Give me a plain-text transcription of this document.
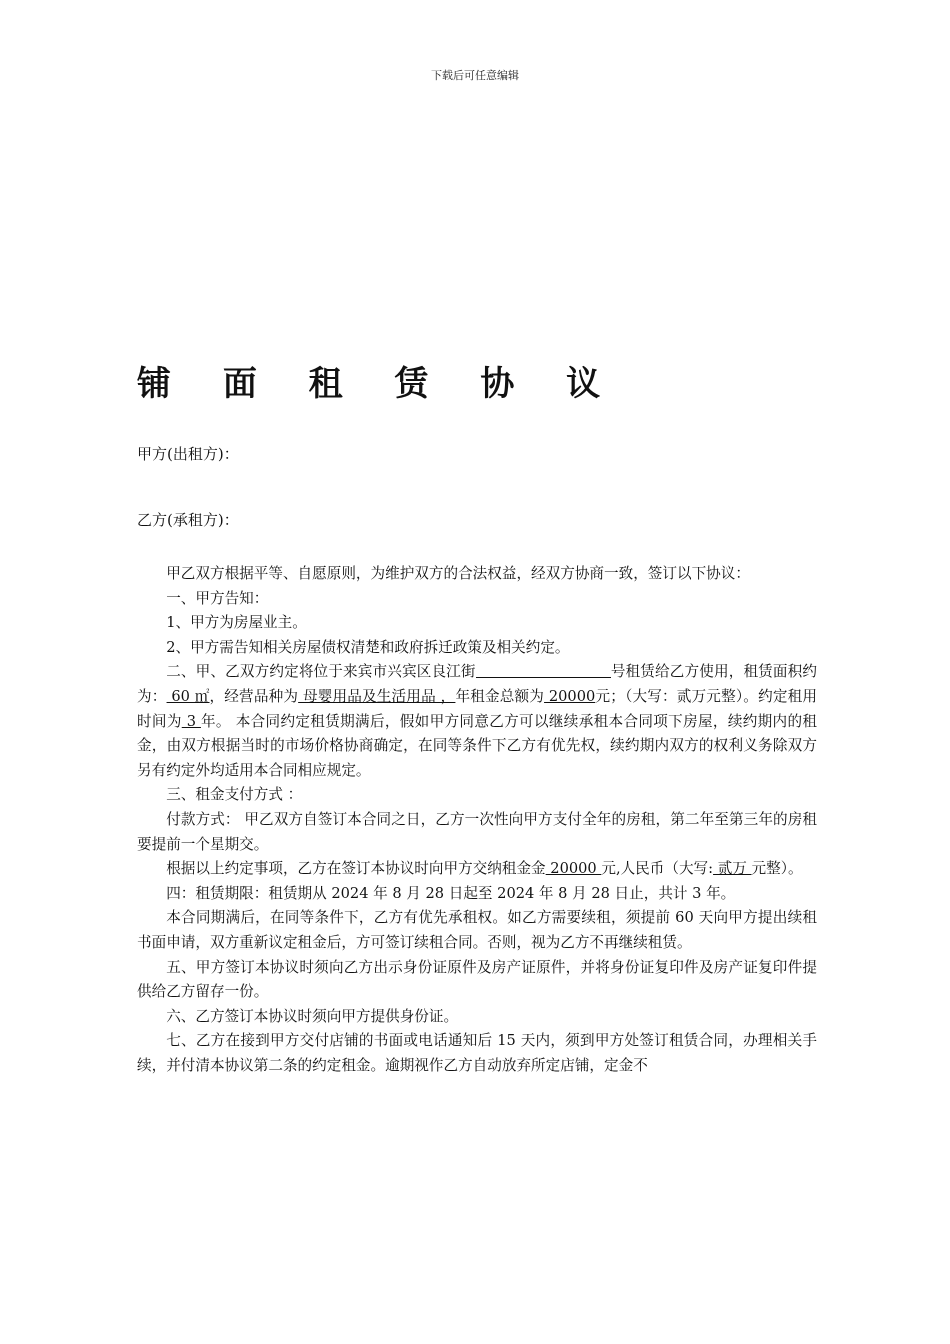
下载后可任意编辑
铺 面 租 赁 协 议
甲方(出租方)：
乙方(承租方)：

甲乙双方根据平等、自愿原则，为维护双方的合法权益，经双方协商一致，签订以下协议：

一、甲方告知：

1、甲方为房屋业主。

2、甲方需告知相关房屋债权清楚和政府拆迁政策及相关约定。

二、甲、乙双方约定将位于来宾市兴宾区良江街	号租赁给乙方使用，租赁面积约为： 60 ㎡，经营品种为 母婴用品及生活用品 ，年租金总额为 20000元；（大写：贰万元整）。约定租用时间为 3 年。 本合同约定租赁期满后，假如甲方同意乙方可以继续承租本合同项下房屋，续约期内的租金，由双方根据当时的市场价格协商确定，在同等条件下乙方有优先权，续约期内双方的权利义务除双方另有约定外均适用本合同相应规定。

三、租金支付方式 ：

付款方式： 甲乙双方自签订本合同之日，乙方一次性向甲方支付全年的房租，第二年至第三年的房租要提前一个星期交。

根据以上约定事项，乙方在签订本协议时向甲方交纳租金金 20000 元,人民币（大写: 贰万 元整）。

四：租赁期限：租赁期从 2024 年 8 月 28 日起至 2024 年 8 月 28 日止，共计 3 年。

本合同期满后，在同等条件下，乙方有优先承租权。如乙方需要续租，须提前 60 天向甲方提出续租书面申请，双方重新议定租金后，方可签订续租合同。否则，视为乙方不再继续租赁。

五、甲方签订本协议时须向乙方出示身份证原件及房产证原件，并将身份证复印件及房产证复印件提供给乙方留存一份。

六、乙方签订本协议时须向甲方提供身份证。

七、乙方在接到甲方交付店铺的书面或电话通知后 15 天内，须到甲方处签订租赁合同，办理相关手续，并付清本协议第二条的约定租金。逾期视作乙方自动放弃所定店铺，定金不
